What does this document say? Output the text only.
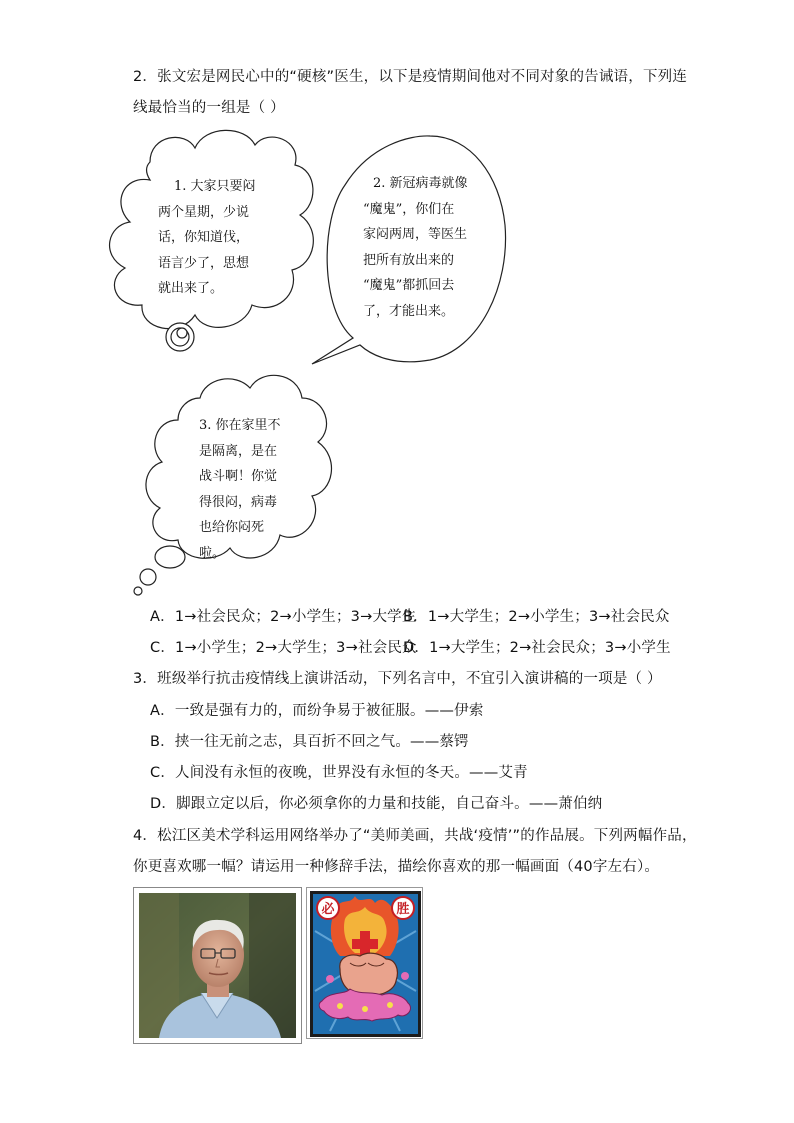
2．张文宏是网民心中的“硬核”医生，以下是疫情期间他对不同对象的告诫语，下列连
线最恰当的一组是（ ）
1. 大家只要闷
两个星期，少说
话，你知道伐，
语言少了，思想
就出来了。
2. 新冠病毒就像
“魔鬼”，你们在
家闷两周，等医生
把所有放出来的
“魔鬼”都抓回去
了，才能出来。
3. 你在家里不
是隔离，是在
战斗啊！你觉
得很闷，病毒
也给你闷死
啦。
A．1→社会民众；2→小学生；3→大学生
B．1→大学生；2→小学生；3→社会民众
C．1→小学生；2→大学生；3→社会民众
D．1→大学生；2→社会民众；3→小学生
3．班级举行抗击疫情线上演讲活动，下列名言中，不宜引入演讲稿的一项是（ ）
A．一致是强有力的，而纷争易于被征服。——伊索
B．挟一往无前之志，具百折不回之气。——蔡锷
C．人间没有永恒的夜晚，世界没有永恒的冬天。——艾青
D．脚跟立定以后，你必须拿你的力量和技能，自己奋斗。——萧伯纳
4．松江区美术学科运用网络举办了“美师美画，共战‘疫情’”的作品展。下列两幅作品，
你更喜欢哪一幅？请运用一种修辞手法，描绘你喜欢的那一幅画面（40字左右）。
必	胜
